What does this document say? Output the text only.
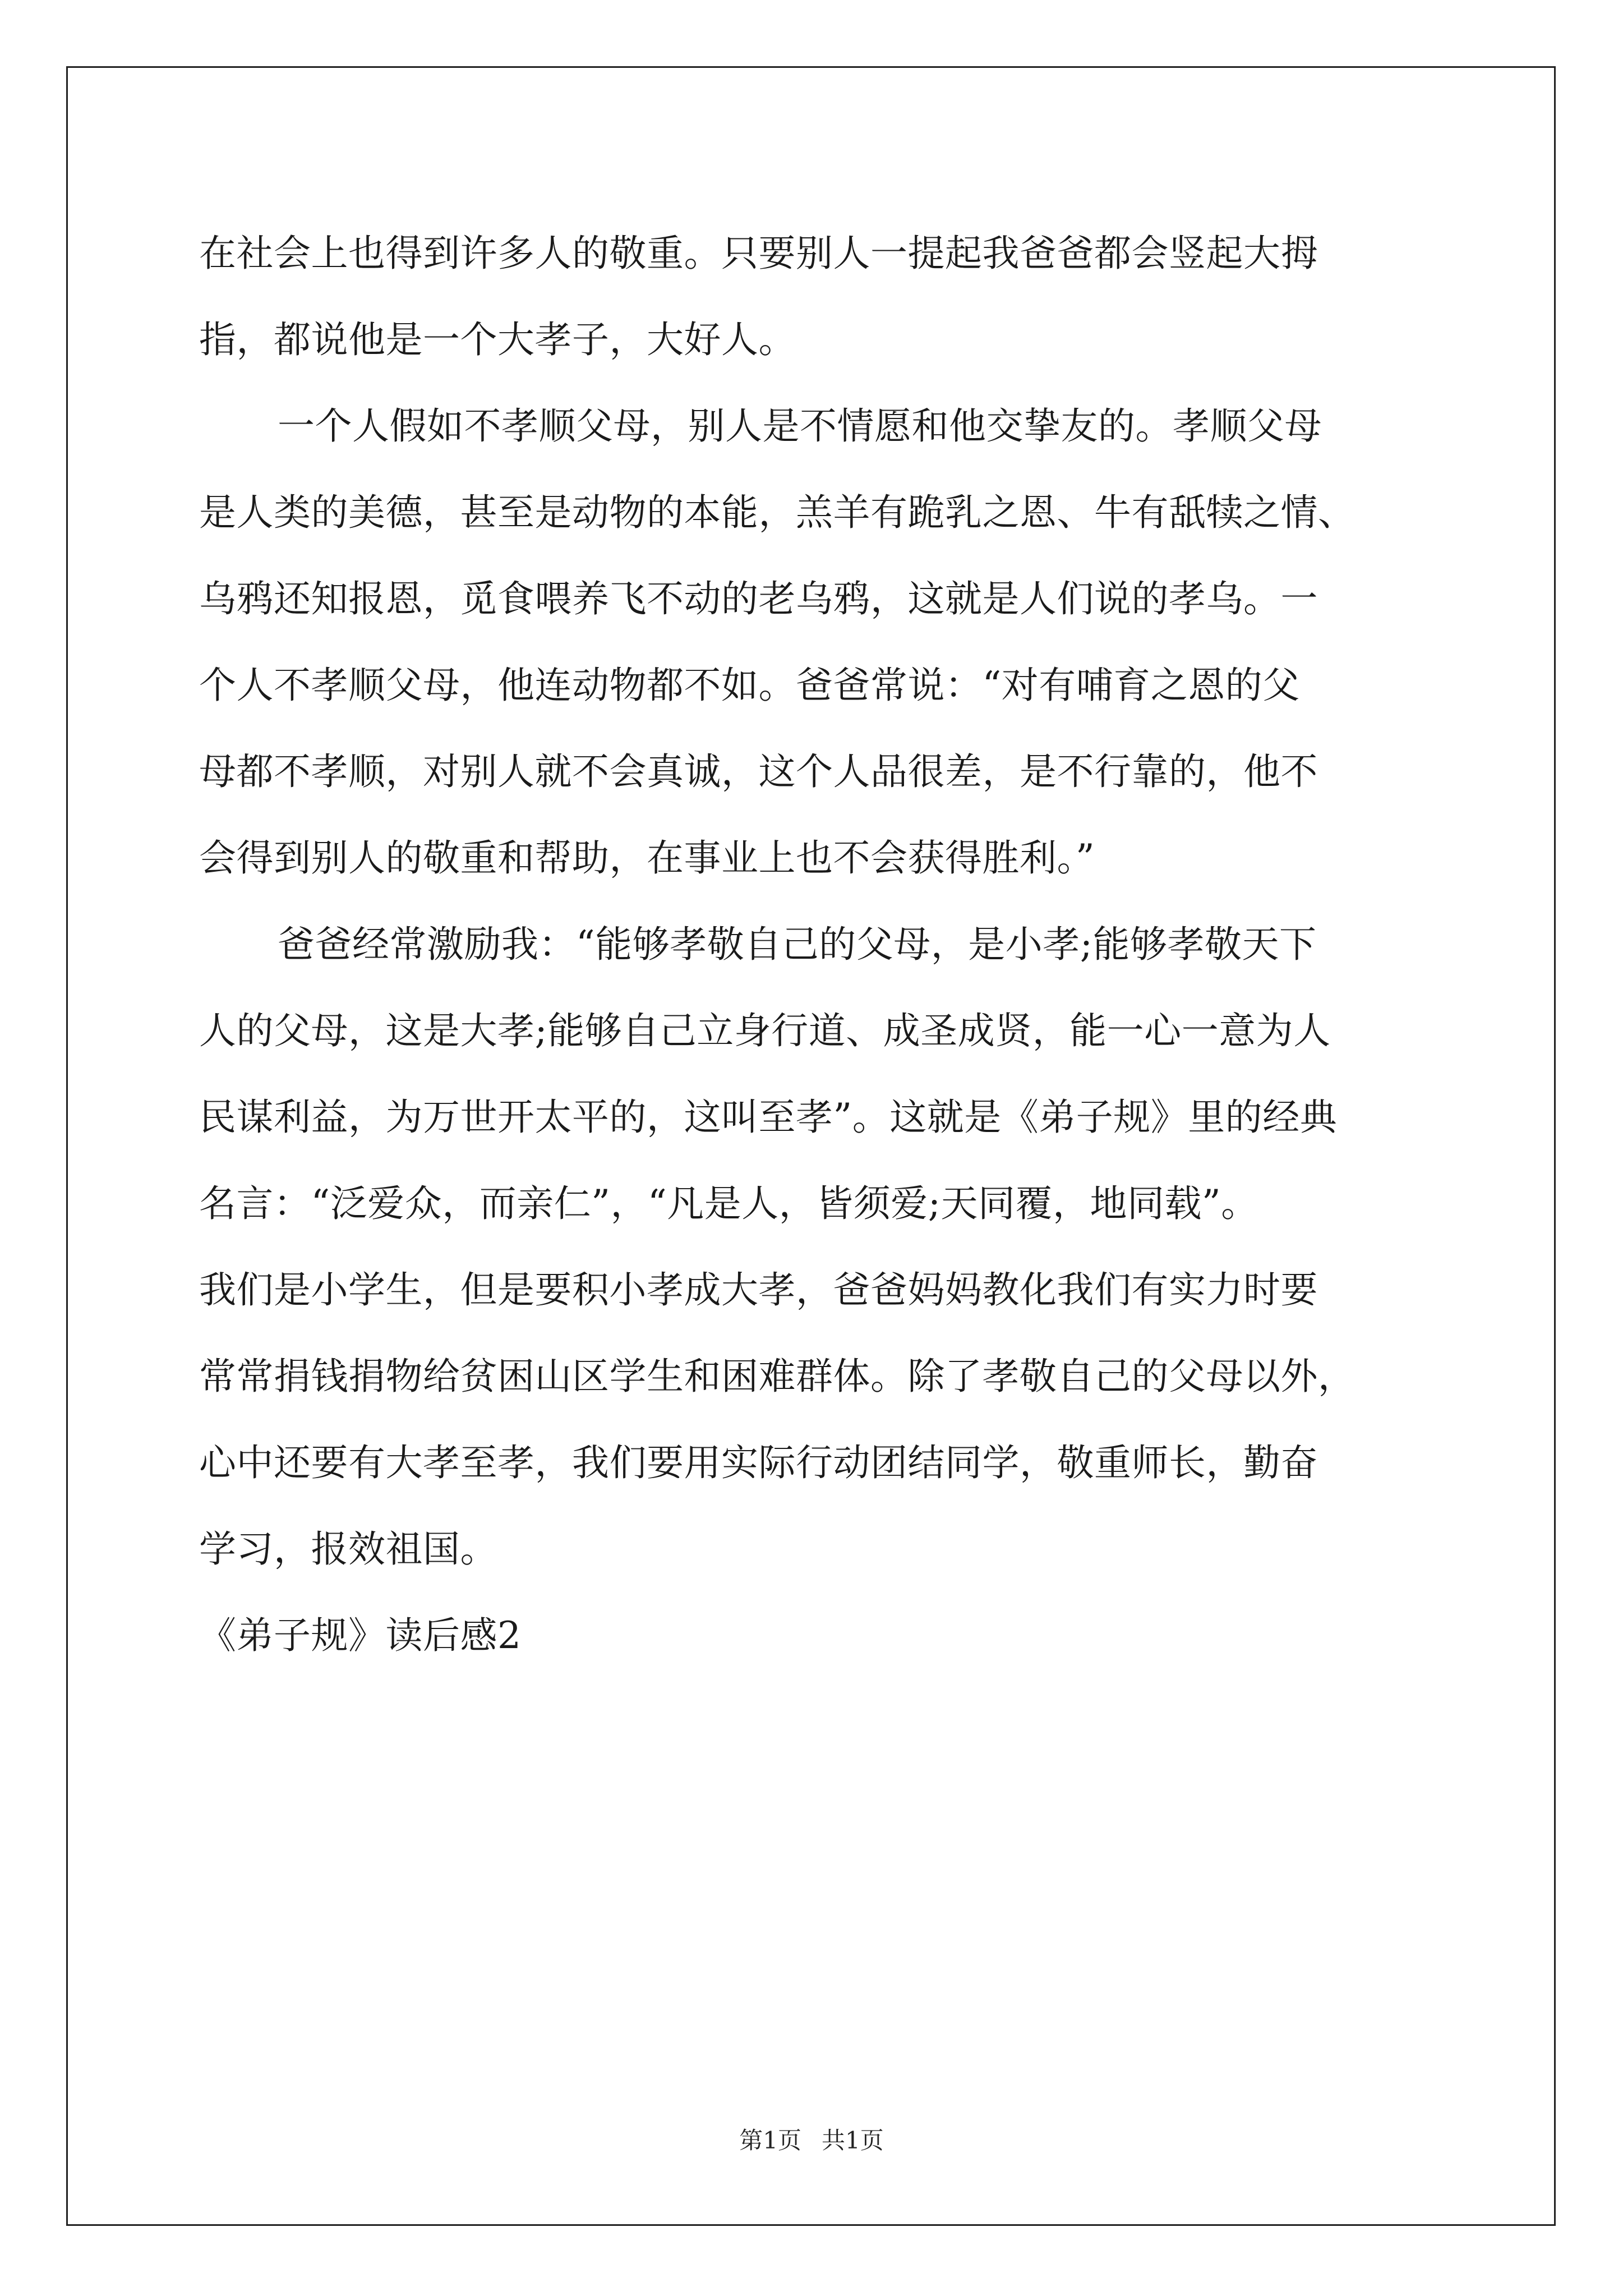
在社会上也得到许多人的敬重。只要别人一提起我爸爸都会竖起大拇
指，都说他是一个大孝子，大好人。
一个人假如不孝顺父母，别人是不情愿和他交挚友的。孝顺父母
是人类的美德，甚至是动物的本能，羔羊有跪乳之恩、牛有舐犊之情、
乌鸦还知报恩，觅食喂养飞不动的老乌鸦，这就是人们说的孝乌。一
个人不孝顺父母，他连动物都不如。爸爸常说：“对有哺育之恩的父
母都不孝顺，对别人就不会真诚，这个人品很差，是不行靠的，他不
会得到别人的敬重和帮助，在事业上也不会获得胜利。”
爸爸经常激励我：“能够孝敬自己的父母，是小孝;能够孝敬天下
人的父母，这是大孝;能够自己立身行道、成圣成贤，能一心一意为人
民谋利益，为万世开太平的，这叫至孝”。这就是《弟子规》里的经典
名言：“泛爱众，而亲仁”，“凡是人，皆须爱;天同覆，地同载”。
我们是小学生，但是要积小孝成大孝，爸爸妈妈教化我们有实力时要
常常捐钱捐物给贫困山区学生和困难群体。除了孝敬自己的父母以外，
心中还要有大孝至孝，我们要用实际行动团结同学，敬重师长，勤奋
学习，报效祖国。
《弟子规》读后感2
第1页 共1页
